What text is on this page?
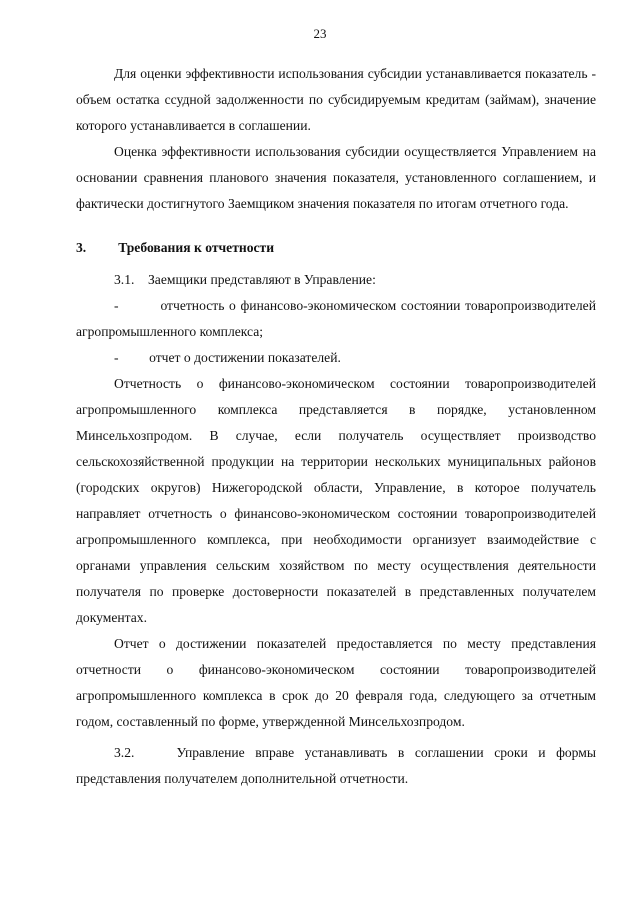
23

Для оценки эффективности использования субсидии устанавливается показатель - объем остатка ссудной задолженности по субсидируемым кредитам (займам), значение которого устанавливается в соглашении.

Оценка эффективности использования субсидии осуществляется Управлением на основании сравнения планового значения показателя, установленного соглашением, и фактически достигнутого Заемщиком значения показателя по итогам отчетного года.

3. Требования к отчетности

3.1. Заемщики представляют в Управление:

-	отчетность о финансово-экономическом состоянии товаропроизводителей агропромышленного комплекса;

- отчет о достижении показателей.

Отчетность о финансово-экономическом состоянии товаропроизводителей агропромышленного комплекса представляется в порядке, установленном Минсельхозпродом. В случае, если получатель осуществляет производство сельскохозяйственной продукции на территории нескольких муниципальных районов (городских округов) Нижегородской области, Управление, в которое получатель направляет отчетность о финансово-экономическом состоянии товаропроизводителей агропромышленного комплекса, при необходимости организует взаимодействие с органами управления сельским хозяйством по месту осуществления деятельности получателя по проверке достоверности показателей в представленных получателем документах.

Отчет о достижении показателей предоставляется по месту представления отчетности о финансово-экономическом состоянии товаропроизводителей агропромышленного комплекса в срок до 20 февраля года, следующего за отчетным годом, составленный по форме, утвержденной Минсельхозпродом.

3.2.	Управление вправе устанавливать в соглашении сроки и формы представления получателем дополнительной отчетности.
